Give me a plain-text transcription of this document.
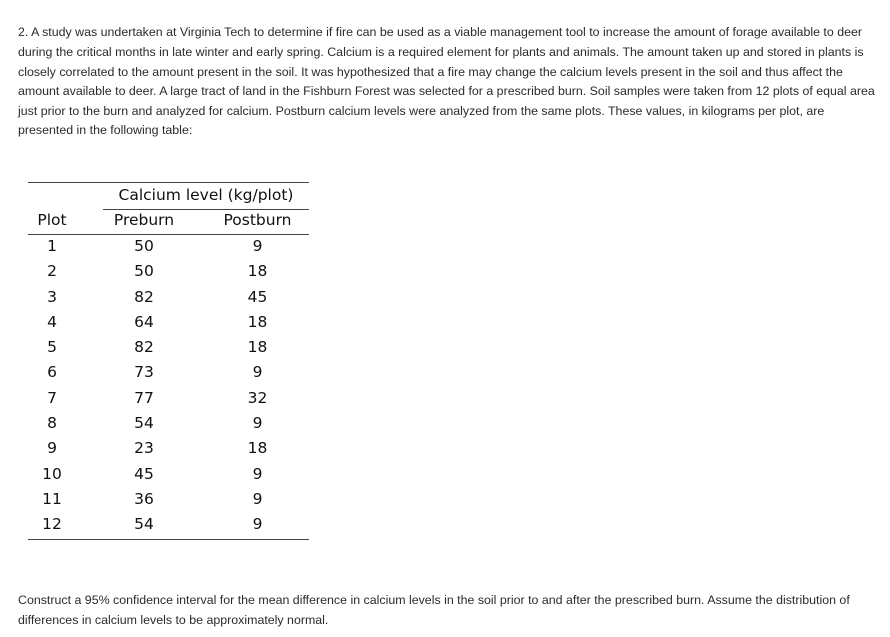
2. A study was undertaken at Virginia Tech to determine if fire can be used as a viable management tool to increase the amount of forage available to deer during the critical months in late winter and early spring. Calcium is a required element for plants and animals. The amount taken up and stored in plants is closely correlated to the amount present in the soil. It was hypothesized that a fire may change the calcium levels present in the soil and thus affect the amount available to deer. A large tract of land in the Fishburn Forest was selected for a prescribed burn. Soil samples were taken from 12 plots of equal area just prior to the burn and analyzed for calcium. Postburn calcium levels were analyzed from the same plots. These values, in kilograms per plot, are presented in the following table:

Calcium level (kg/plot)
Plot	Preburn	Postburn
1	50	9
2	50	18
3	82	45
4	64	18
5	82	18
6	73	9
7	77	32
8	54	9
9	23	18
10	45	9
11	36	9
12	54	9

Construct a 95% confidence interval for the mean difference in calcium levels in the soil prior to and after the prescribed burn. Assume the distribution of differences in calcium levels to be approximately normal.
